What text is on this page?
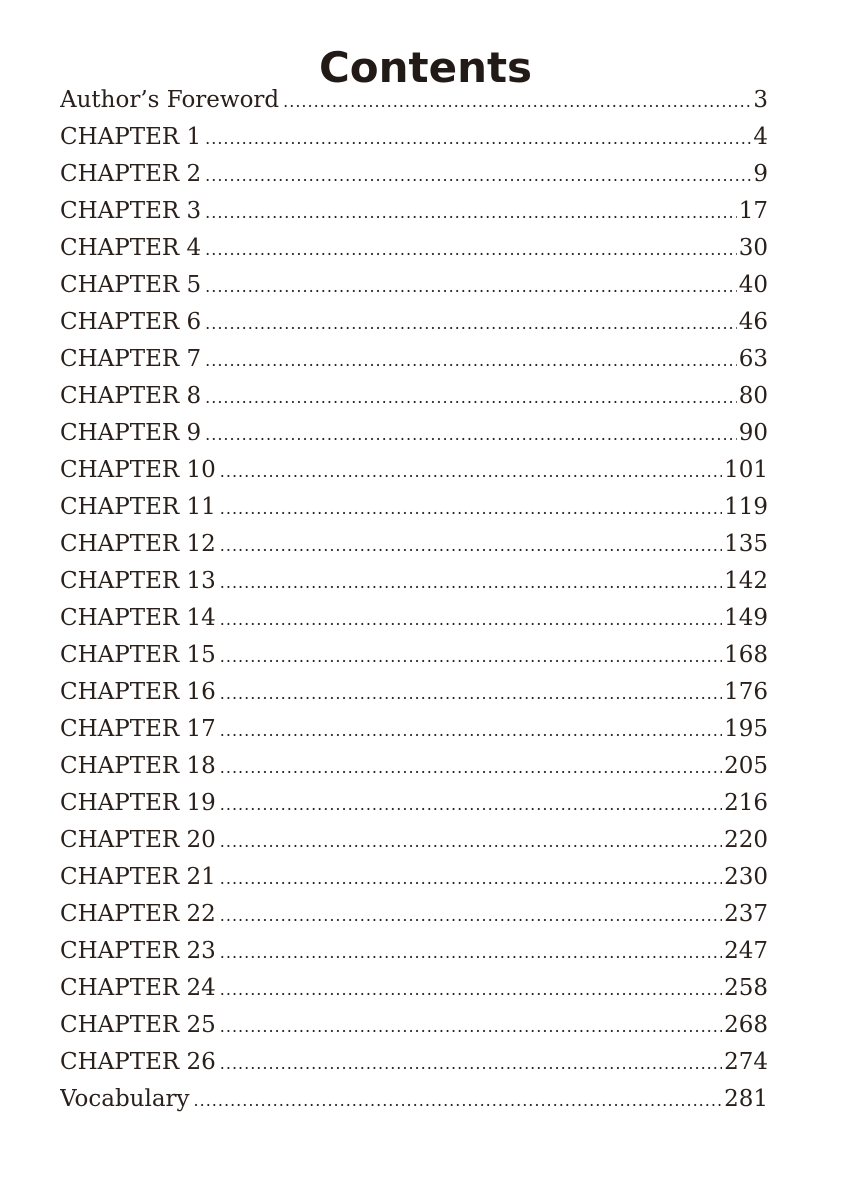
Contents
Author’s Foreword .....	3
CHAPTER 1 .....	4
CHAPTER 2 .....	9
CHAPTER 3 .....	17
CHAPTER 4 .....	30
CHAPTER 5 .....	40
CHAPTER 6 .....	46
CHAPTER 7 .....	63
CHAPTER 8 .....	80
CHAPTER 9 .....	90
CHAPTER 10 .....	101
CHAPTER 11 .....	119
CHAPTER 12 .....	135
CHAPTER 13 .....	142
CHAPTER 14 .....	149
CHAPTER 15 .....	168
CHAPTER 16 .....	176
CHAPTER 17 .....	195
CHAPTER 18 .....	205
CHAPTER 19 .....	216
CHAPTER 20 .....	220
CHAPTER 21 .....	230
CHAPTER 22 .....	237
CHAPTER 23 .....	247
CHAPTER 24 .....	258
CHAPTER 25 .....	268
CHAPTER 26 .....	274
Vocabulary .....	281
